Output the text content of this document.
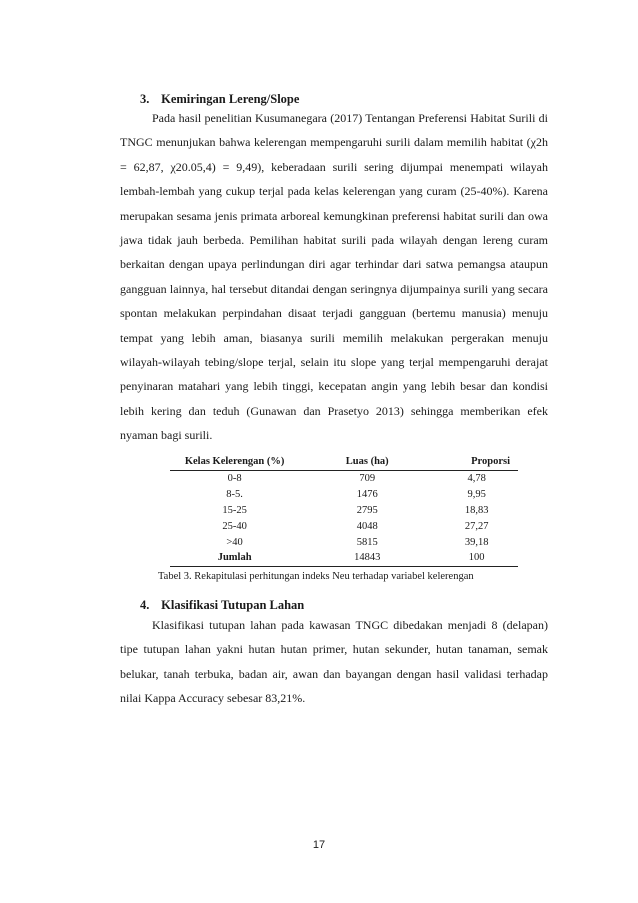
3. Kemiringan Lereng/Slope

Pada hasil penelitian Kusumanegara (2017) Tentangan Preferensi Habitat Surili di TNGC menunjukan bahwa kelerengan mempengaruhi surili dalam memilih habitat (χ2h = 62,87, χ20.05,4) = 9,49), keberadaan surili sering dijumpai menempati wilayah lembah-lembah yang cukup terjal pada kelas kelerengan yang curam (25-40%). Karena merupakan sesama jenis primata arboreal kemungkinan preferensi habitat surili dan owa jawa tidak jauh berbeda. Pemilihan habitat surili pada wilayah dengan lereng curam berkaitan dengan upaya perlindungan diri agar terhindar dari satwa pemangsa ataupun gangguan lainnya, hal tersebut ditandai dengan seringnya dijumpainya surili yang secara spontan melakukan perpindahan disaat terjadi gangguan (bertemu manusia) menuju tempat yang lebih aman, biasanya surili memilih melakukan pergerakan menuju wilayah-wilayah tebing/slope terjal, selain itu slope yang terjal mempengaruhi derajat penyinaran matahari yang lebih tinggi, kecepatan angin yang lebih besar dan kondisi lebih kering dan teduh (Gunawan dan Prasetyo 2013) sehingga memberikan efek nyaman bagi surili.

Kelas Kelerengan (%)	Luas (ha)	Proporsi
0-8	709	4,78
8-5.	1476	9,95
15-25	2795	18,83
25-40	4048	27,27
>40	5815	39,18
Jumlah	14843	100
Tabel 3. Rekapitulasi perhitungan indeks Neu terhadap variabel kelerengan
4. Klasifikasi Tutupan Lahan

Klasifikasi tutupan lahan pada kawasan TNGC dibedakan menjadi 8 (delapan) tipe tutupan lahan yakni hutan hutan primer, hutan sekunder, hutan tanaman, semak belukar, tanah terbuka, badan air, awan dan bayangan dengan hasil validasi terhadap nilai Kappa Accuracy sebesar 83,21%.

17
